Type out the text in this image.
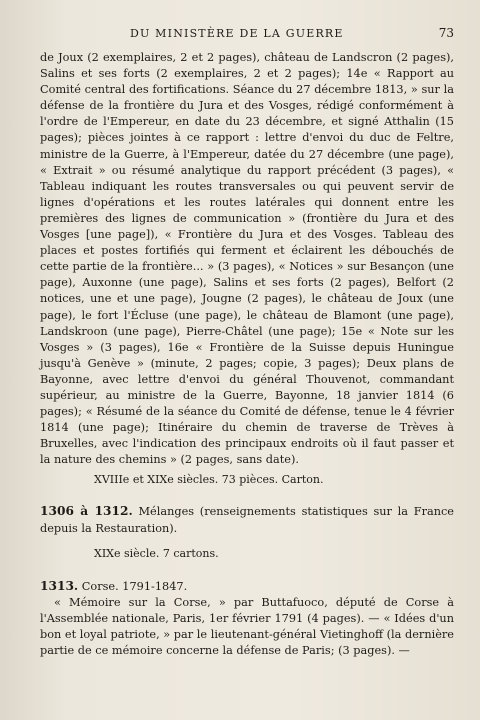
DU MINISTÈRE DE LA GUERRE	73

de Joux (2 exemplaires, 2 et 2 pages), château de Landscron (2 pages), Salins et ses forts (2 exemplaires, 2 et 2 pages); 14e « Rapport au Comité central des fortifications. Séance du 27 décembre 1813, » sur la défense de la frontière du Jura et des Vosges, rédigé conformément à l'ordre de l'Empereur, en date du 23 décembre, et signé Atthalin (15 pages); pièces jointes à ce rapport : lettre d'envoi du duc de Feltre, ministre de la Guerre, à l'Empereur, datée du 27 décembre (une page), « Extrait » ou résumé analytique du rapport précédent (3 pages), « Tableau indiquant les routes transversales ou qui peuvent servir de lignes d'opérations et les routes latérales qui donnent entre les premières des lignes de communication » (frontière du Jura et des Vosges [une page]), « Frontière du Jura et des Vosges. Tableau des places et postes fortifiés qui ferment et éclairent les débouchés de cette partie de la frontière... » (3 pages), « Notices » sur Besançon (une page), Auxonne (une page), Salins et ses forts (2 pages), Belfort (2 notices, une et une page), Jougne (2 pages), le château de Joux (une page), le fort l'Écluse (une page), le château de Blamont (une page), Landskroon (une page), Pierre-Châtel (une page); 15e « Note sur les Vosges » (3 pages), 16e « Frontière de la Suisse depuis Huningue jusqu'à Genève » (minute, 2 pages; copie, 3 pages); Deux plans de Bayonne, avec lettre d'envoi du général Thouvenot, commandant supérieur, au ministre de la Guerre, Bayonne, 18 janvier 1814 (6 pages); « Résumé de la séance du Comité de défense, tenue le 4 février 1814 (une page); Itinéraire du chemin de traverse de Trèves à Bruxelles, avec l'indication des principaux endroits où il faut passer et la nature des chemins » (2 pages, sans date).

XVIIIe et XIXe siècles. 73 pièces. Carton.
1306 à 1312. Mélanges (renseignements statistiques sur la France depuis la Restauration).
XIXe siècle. 7 cartons.
1313. Corse. 1791-1847.
« Mémoire sur la Corse, » par Buttafuoco, député de Corse à l'Assemblée nationale, Paris, 1er février 1791 (4 pages). — « Idées d'un bon et loyal patriote, » par le lieutenant-général Vietinghoff (la dernière partie de ce mémoire concerne la défense de Paris; (3 pages). —
